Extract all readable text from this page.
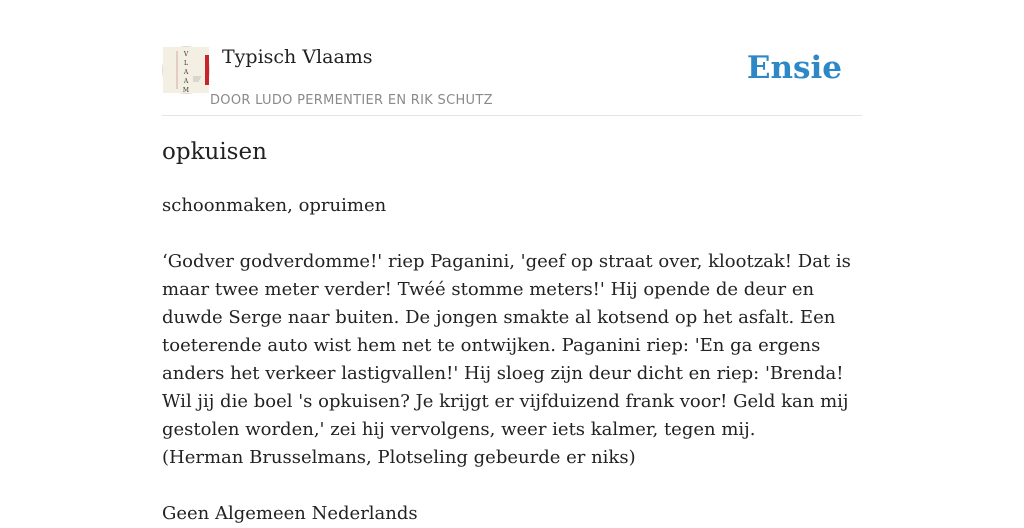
V
L
A
A
M
Typisch Vlaams
DOOR LUDO PERMENTIER EN RIK SCHUTZ
Ensie
opkuisen

schoonmaken, opruimen

‘Godver godverdomme!' riep Paganini, 'geef op straat over, klootzak! Dat is maar twee meter verder! Twéé stomme meters!' Hij opende de deur en duwde Serge naar buiten. De jongen smakte al kotsend op het asfalt. Een toeterende auto wist hem net te ontwijken. Paganini riep: 'En ga ergens anders het verkeer lastigvallen!' Hij sloeg zijn deur dicht en riep: 'Brenda! Wil jij die boel 's opkuisen? Je krijgt er vijfduizend frank voor! Geld kan mij gestolen worden,' zei hij vervolgens, weer iets kalmer, tegen mij.

(Herman Brusselmans, Plotseling gebeurde er niks)

Geen Algemeen Nederlands
